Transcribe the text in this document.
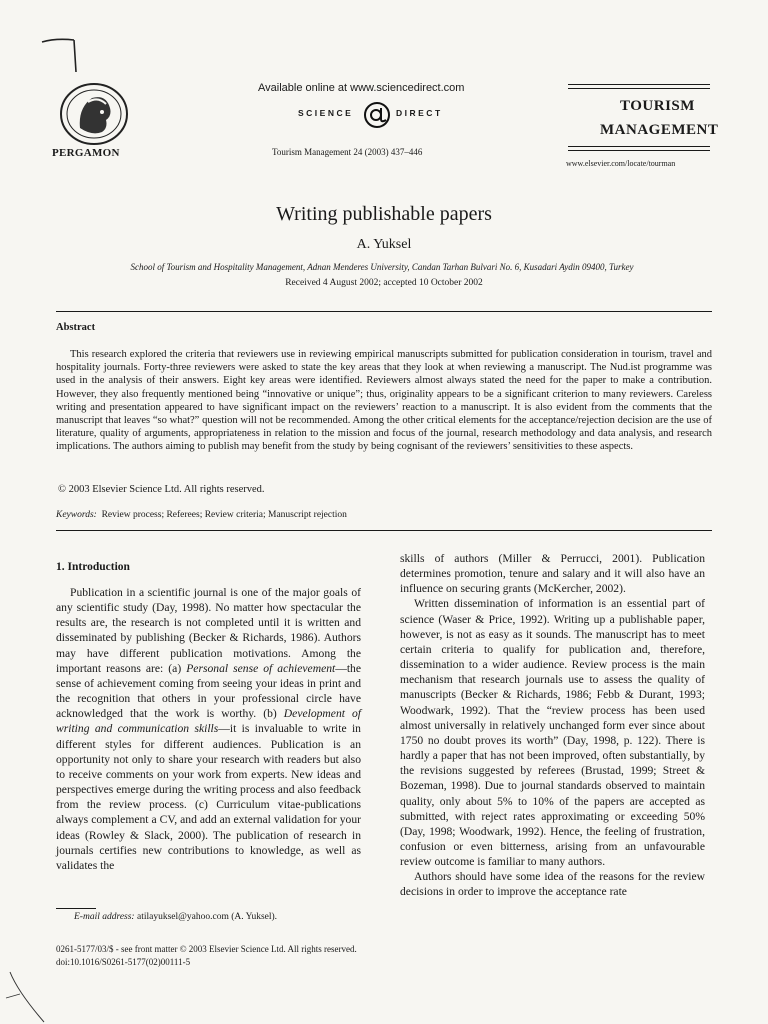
PERGAMON
Available online at www.sciencedirect.com
SCIENCE	DIRECT
Tourism Management 24 (2003) 437–446
TOURISM
MANAGEMENT
www.elsevier.com/locate/tourman
Writing publishable papers
A. Yuksel
School of Tourism and Hospitality Management, Adnan Menderes University, Candan Tarhan Bulvari No. 6, Kusadari Aydin 09400, Turkey
Received 4 August 2002; accepted 10 October 2002
Abstract

This research explored the criteria that reviewers use in reviewing empirical manuscripts submitted for publication consideration in tourism, travel and hospitality journals. Forty-three reviewers were asked to state the key areas that they look at when reviewing a manuscript. The Nud.ist programme was used in the analysis of their answers. Eight key areas were identified. Reviewers almost always stated the need for the paper to make a contribution. However, they also frequently mentioned being “innovative or unique”; thus, originality appears to be a significant criterion to many reviewers. Careless writing and presentation appeared to have significant impact on the reviewers’ reaction to a manuscript. It is also evident from the comments that the manuscript that leaves “so what?” question will not be recommended. Among the other critical elements for the acceptance/rejection decision are the use of literature, quality of arguments, appropriateness in relation to the mission and focus of the journal, research methodology and data analysis, and research implications. The authors aiming to publish may benefit from the study by being cognisant of the reviewers’ sensitivities to these aspects.

© 2003 Elsevier Science Ltd. All rights reserved.
Keywords: Review process; Referees; Review criteria; Manuscript rejection
1. Introduction

Publication in a scientific journal is one of the major goals of any scientific study (Day, 1998). No matter how spectacular the results are, the research is not completed until it is written and disseminated by publishing (Becker & Richards, 1986). Authors may have different publication motivations. Among the important reasons are: (a) Personal sense of achievement—the sense of achievement coming from seeing your ideas in print and the recognition that others in your professional circle have acknowledged that the work is worthy. (b) Development of writing and communication skills—it is invaluable to write in different styles for different audiences. Publication is an opportunity not only to share your research with readers but also to receive comments on your work from experts. New ideas and perspectives emerge during the writing process and also feedback from the review process. (c) Curriculum vitae-publications always complement a CV, and add an external validation for your ideas (Rowley & Slack, 2000). The publication of research in journals certifies new contributions to knowledge, as well as validates the

skills of authors (Miller & Perrucci, 2001). Publication determines promotion, tenure and salary and it will also have an influence on securing grants (McKercher, 2002).

Written dissemination of information is an essential part of science (Waser & Price, 1992). Writing up a publishable paper, however, is not as easy as it sounds. The manuscript has to meet certain criteria to qualify for publication and, therefore, dissemination to a wider audience. Review process is the main mechanism that research journals use to assess the quality of manuscripts (Becker & Richards, 1986; Febb & Durant, 1993; Woodwark, 1992). That the “review process has been used almost universally in relatively unchanged form ever since about 1750 no doubt proves its worth” (Day, 1998, p. 122). There is hardly a paper that has not been improved, often substantially, by the revisions suggested by referees (Brustad, 1999; Street & Bozeman, 1998). Due to journal standards observed to maintain quality, only about 5% to 10% of the papers are accepted as submitted, with reject rates approximating or exceeding 50% (Day, 1998; Woodwark, 1992). Hence, the feeling of frustration, confusion or even bitterness, arising from an unfavourable review outcome is familiar to many authors.

Authors should have some idea of the reasons for the review decisions in order to improve the acceptance rate

E-mail address: atilayuksel@yahoo.com (A. Yuksel).
0261-5177/03/$ - see front matter © 2003 Elsevier Science Ltd. All rights reserved.
doi:10.1016/S0261-5177(02)00111-5
